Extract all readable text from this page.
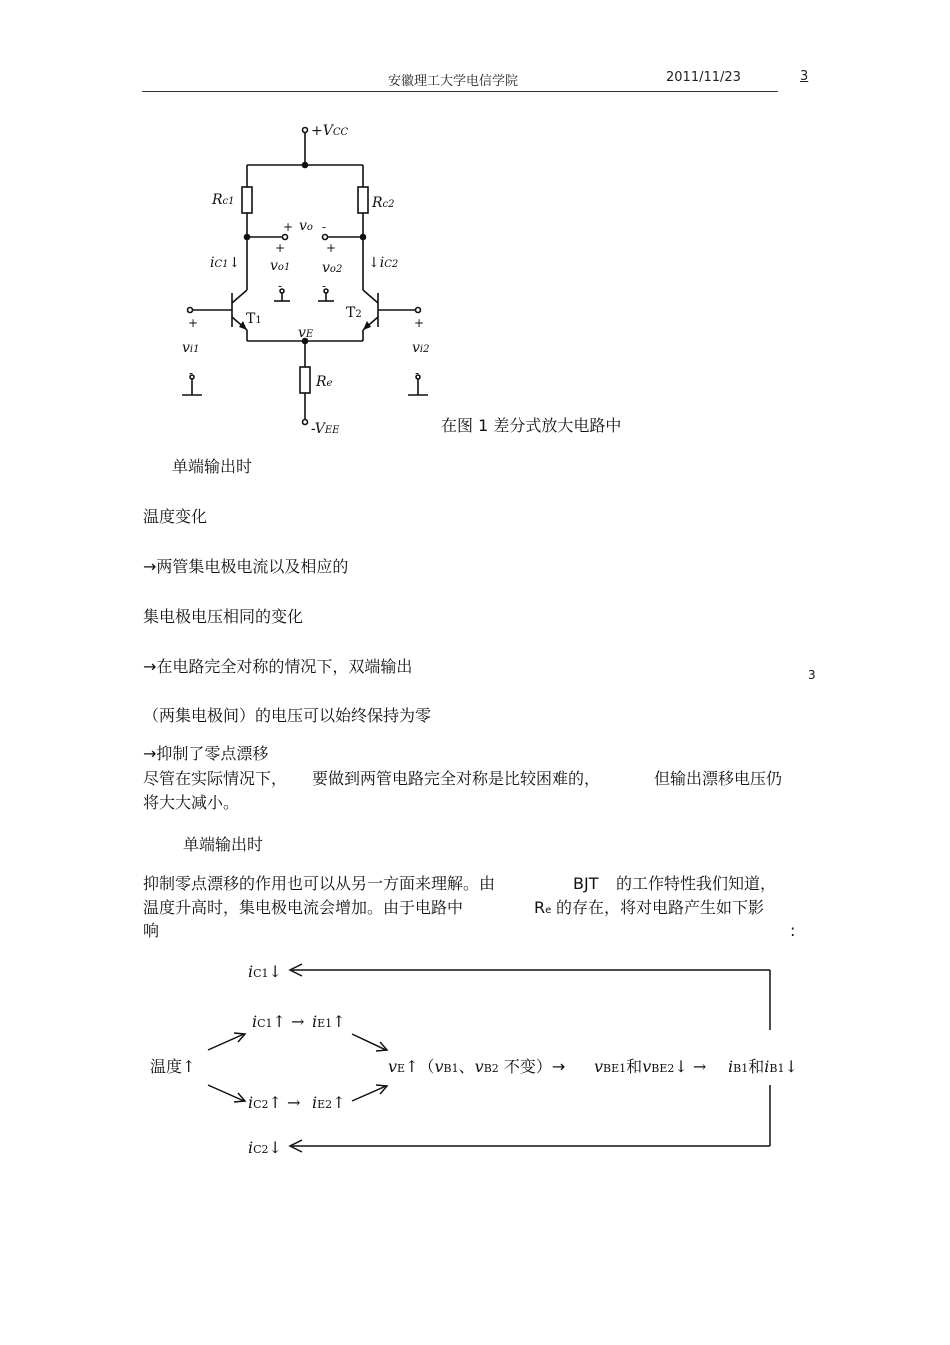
安徽理工大学电信学院	2011/11/23	3
+VCC
Rc1	Rc2
+ vo -
+	+
vo1 vo2
iC1↓	↓iC2
-	-
T1	T2
+	+
vE
vi1	vi2
-	-
Re
-VEE	在图 1 差分式放大电路中
单端输出时
温度变化
→两管集电极电流以及相应的
集电极电压相同的变化
→在电路完全对称的情况下，双端输出	3
（两集电极间）的电压可以始终保持为零
→抑制了零点漂移
尽管在实际情况下， 要做到两管电路完全对称是比较困难的，	但输出漂移电压仍
将大大减小。
单端输出时
抑制零点漂移的作用也可以从另一方面来理解。由	BJT 的工作特性我们知道，
温度升高时，集电极电流会增加。由于电路中	Re 的存在，将对电路产生如下影
响	:
iC1↓
iC1↑ → iE1↑
温度↑
iC2↑ → iE2↑
vE↑（vB1、vB2 不变）→ vBE1和vBE2↓ → iB1和iB1↓
iC2↓
